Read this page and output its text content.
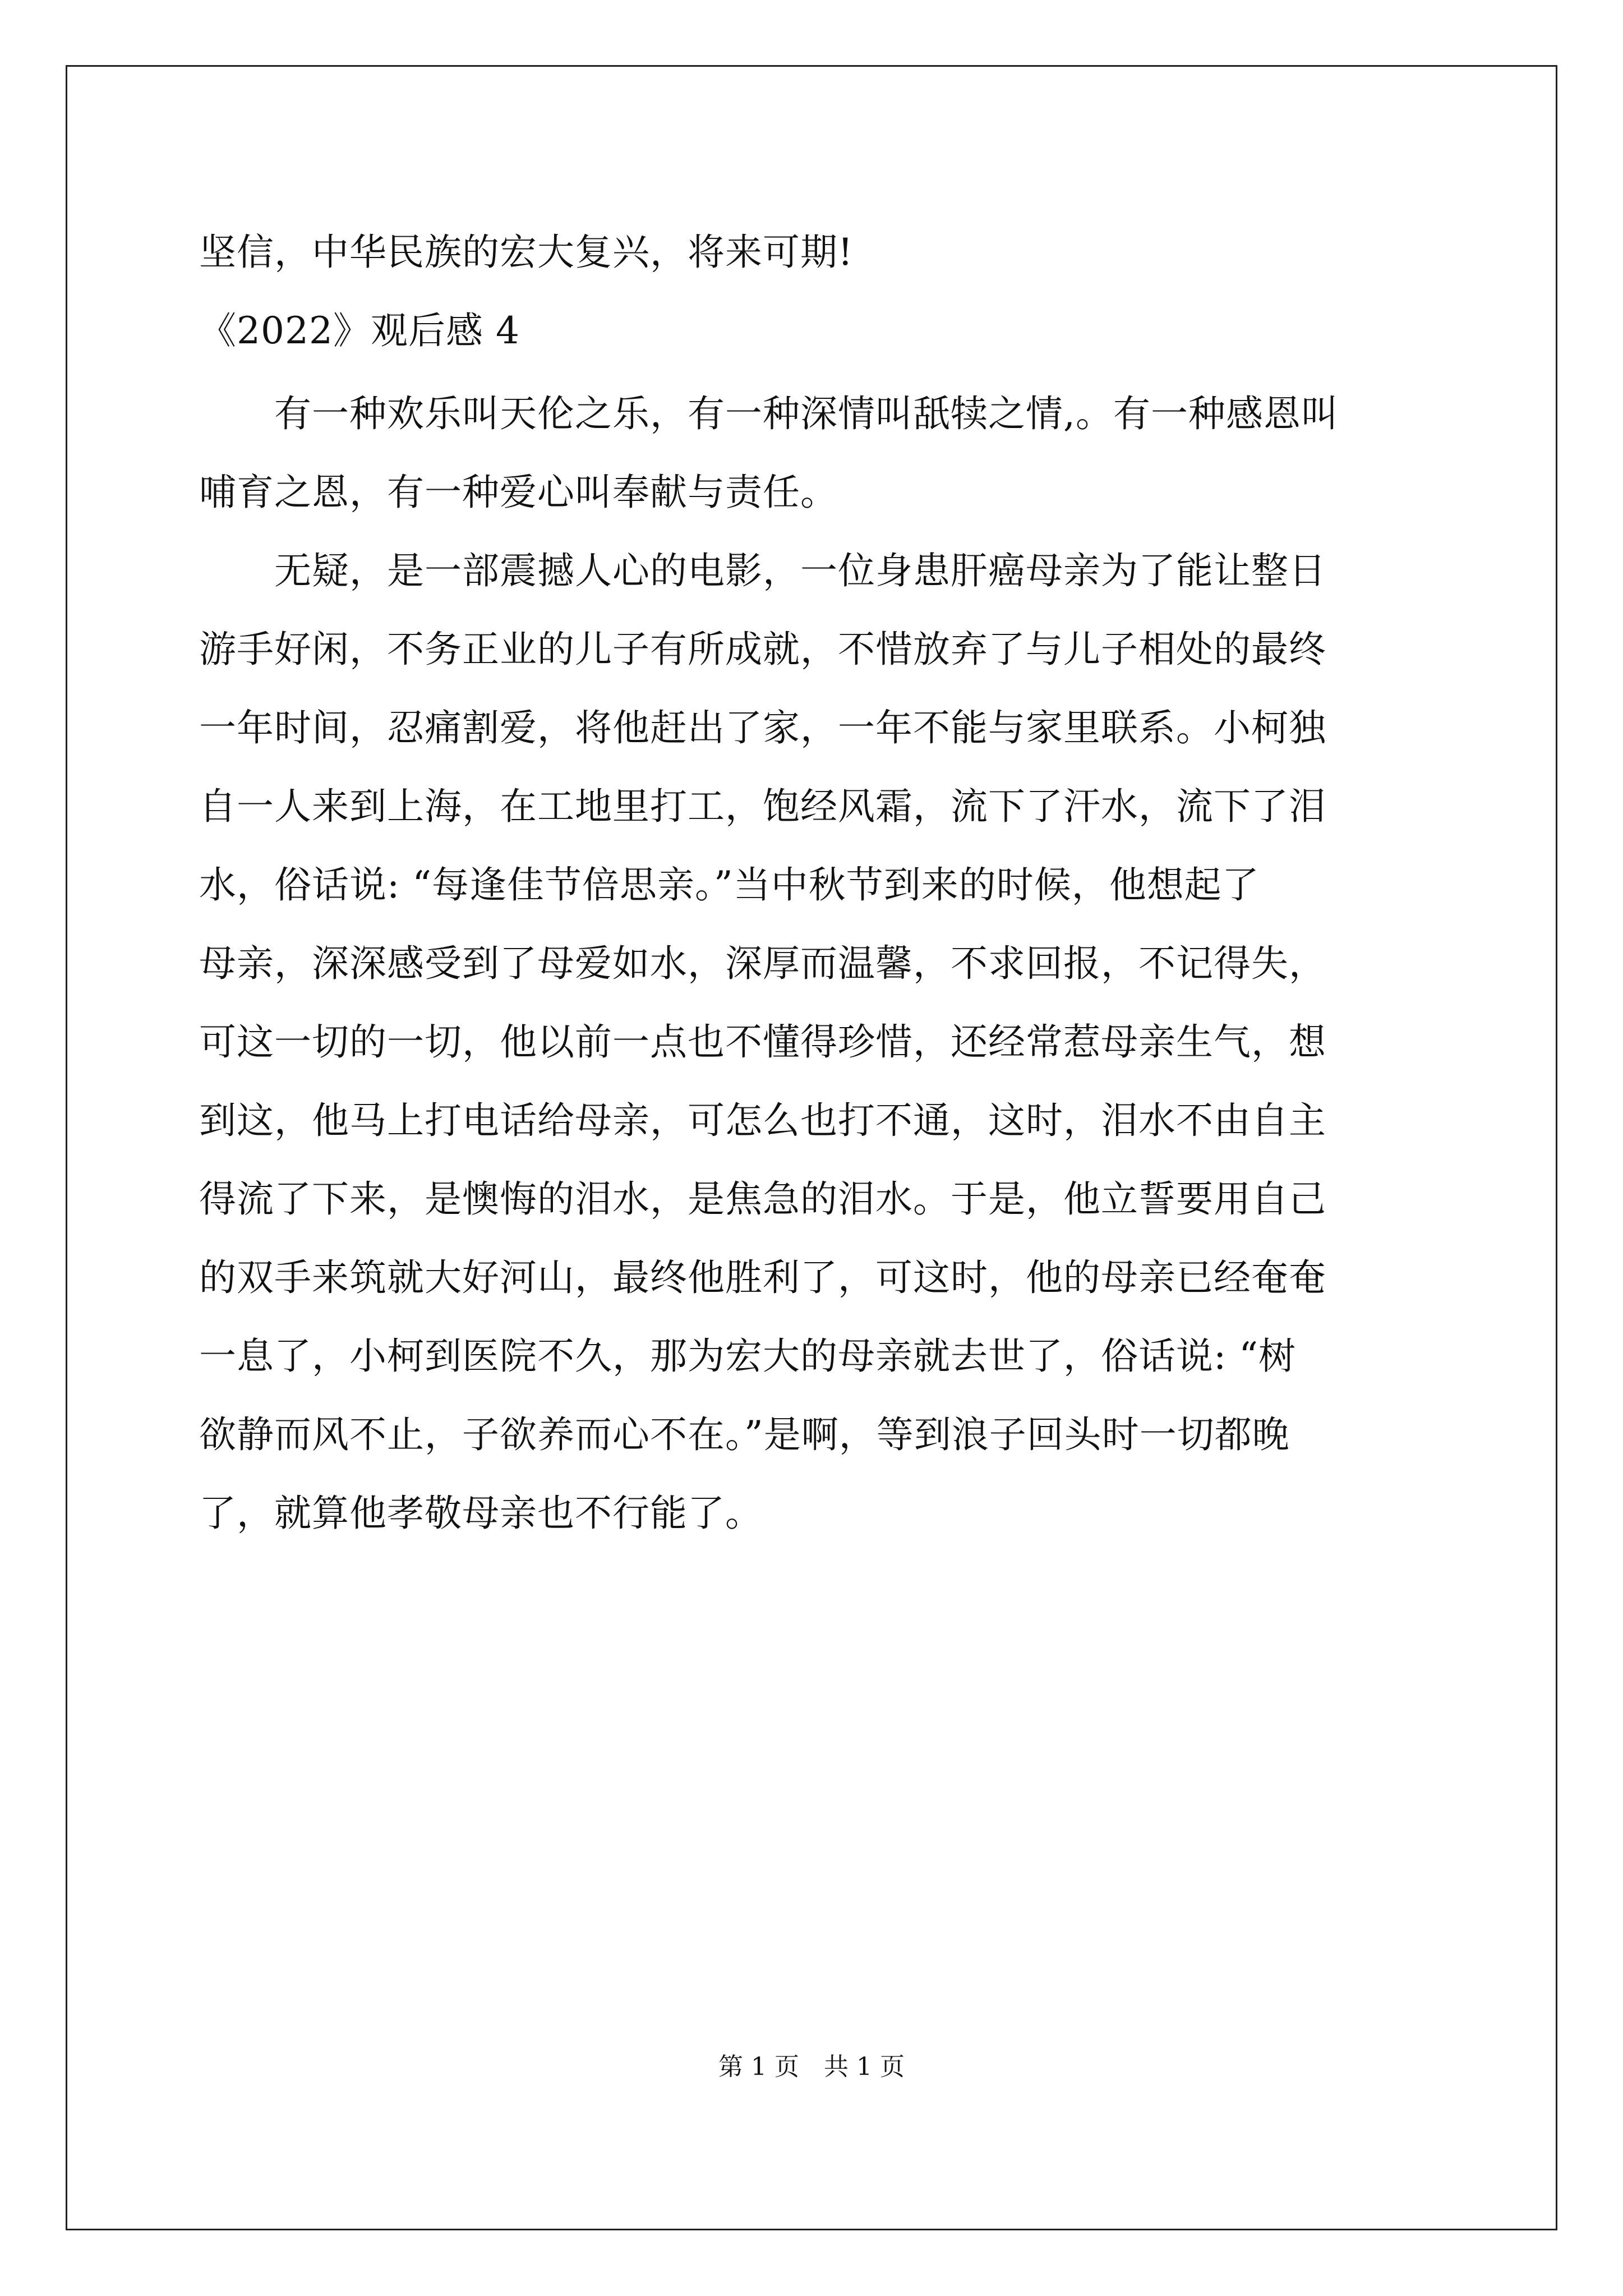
坚信，中华民族的宏大复兴，将来可期!
《2022》观后感 4
　　有一种欢乐叫天伦之乐，有一种深情叫舐犊之情,。有一种感恩叫
哺育之恩，有一种爱心叫奉献与责任。
　　无疑，是一部震撼人心的电影，一位身患肝癌母亲为了能让整日
游手好闲，不务正业的儿子有所成就，不惜放弃了与儿子相处的最终
一年时间，忍痛割爱，将他赶出了家，一年不能与家里联系。小柯独
自一人来到上海，在工地里打工，饱经风霜，流下了汗水，流下了泪
水，俗话说: “每逢佳节倍思亲。”当中秋节到来的时候，他想起了
母亲，深深感受到了母爱如水，深厚而温馨，不求回报，不记得失，
可这一切的一切，他以前一点也不懂得珍惜，还经常惹母亲生气，想
到这，他马上打电话给母亲，可怎么也打不通，这时，泪水不由自主
得流了下来，是懊悔的泪水，是焦急的泪水。于是，他立誓要用自己
的双手来筑就大好河山，最终他胜利了，可这时，他的母亲已经奄奄
一息了，小柯到医院不久，那为宏大的母亲就去世了，俗话说: “树
欲静而风不止，子欲养而心不在。”是啊，等到浪子回头时一切都晚
了，就算他孝敬母亲也不行能了。
第 1 页　共 1 页
